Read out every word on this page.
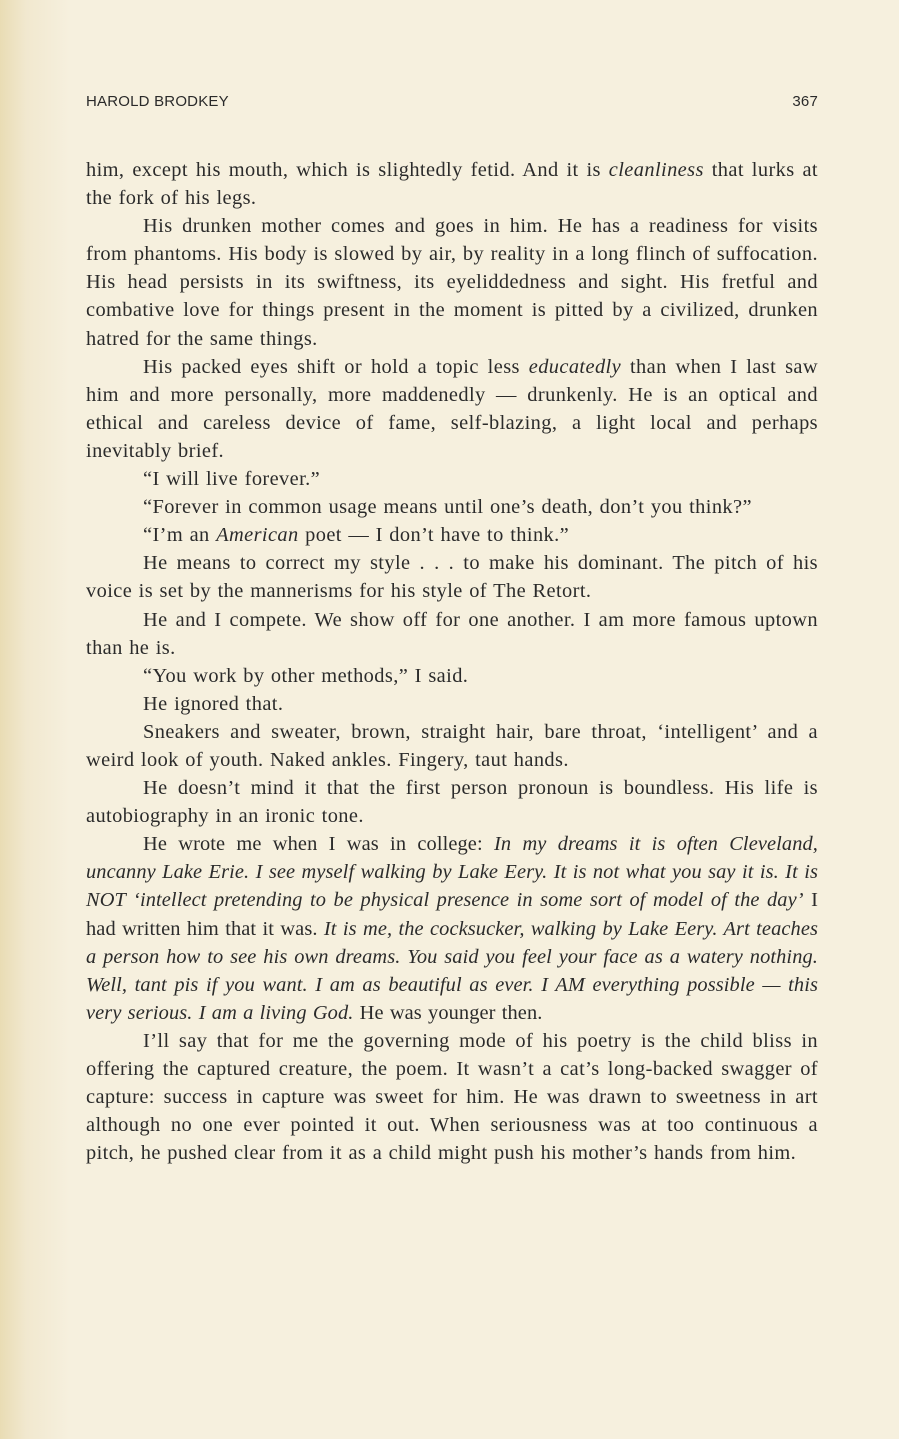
HAROLD BRODKEY	367

him, except his mouth, which is slightedly fetid. And it is cleanliness that lurks at the fork of his legs.

His drunken mother comes and goes in him. He has a readiness for visits from phantoms. His body is slowed by air, by reality in a long flinch of suffocation. His head persists in its swiftness, its eyeliddedness and sight. His fretful and combative love for things present in the moment is pitted by a civilized, drunken hatred for the same things.

His packed eyes shift or hold a topic less educatedly than when I last saw him and more personally, more maddenedly — drunkenly. He is an optical and ethical and careless device of fame, self-blazing, a light local and perhaps inevitably brief.

“I will live forever.”

“Forever in common usage means until one’s death, don’t you think?”

“I’m an American poet — I don’t have to think.”

He means to correct my style . . . to make his dominant. The pitch of his voice is set by the mannerisms for his style of The Retort.

He and I compete. We show off for one another. I am more famous uptown than he is.

“You work by other methods,” I said.

He ignored that.

Sneakers and sweater, brown, straight hair, bare throat, ‘intelligent’ and a weird look of youth. Naked ankles. Fingery, taut hands.

He doesn’t mind it that the first person pronoun is boundless. His life is autobiography in an ironic tone.

He wrote me when I was in college: In my dreams it is often Cleveland, uncanny Lake Erie. I see myself walking by Lake Eery. It is not what you say it is. It is NOT ‘intellect pretending to be physical presence in some sort of model of the day’ I had written him that it was. It is me, the cocksucker, walking by Lake Eery. Art teaches a person how to see his own dreams. You said you feel your face as a watery nothing. Well, tant pis if you want. I am as beautiful as ever. I AM everything possible — this very serious. I am a living God. He was younger then.

I’ll say that for me the governing mode of his poetry is the child bliss in offering the captured creature, the poem. It wasn’t a cat’s long-backed swagger of capture: success in capture was sweet for him. He was drawn to sweetness in art although no one ever pointed it out. When seriousness was at too continuous a pitch, he pushed clear from it as a child might push his mother’s hands from him.
